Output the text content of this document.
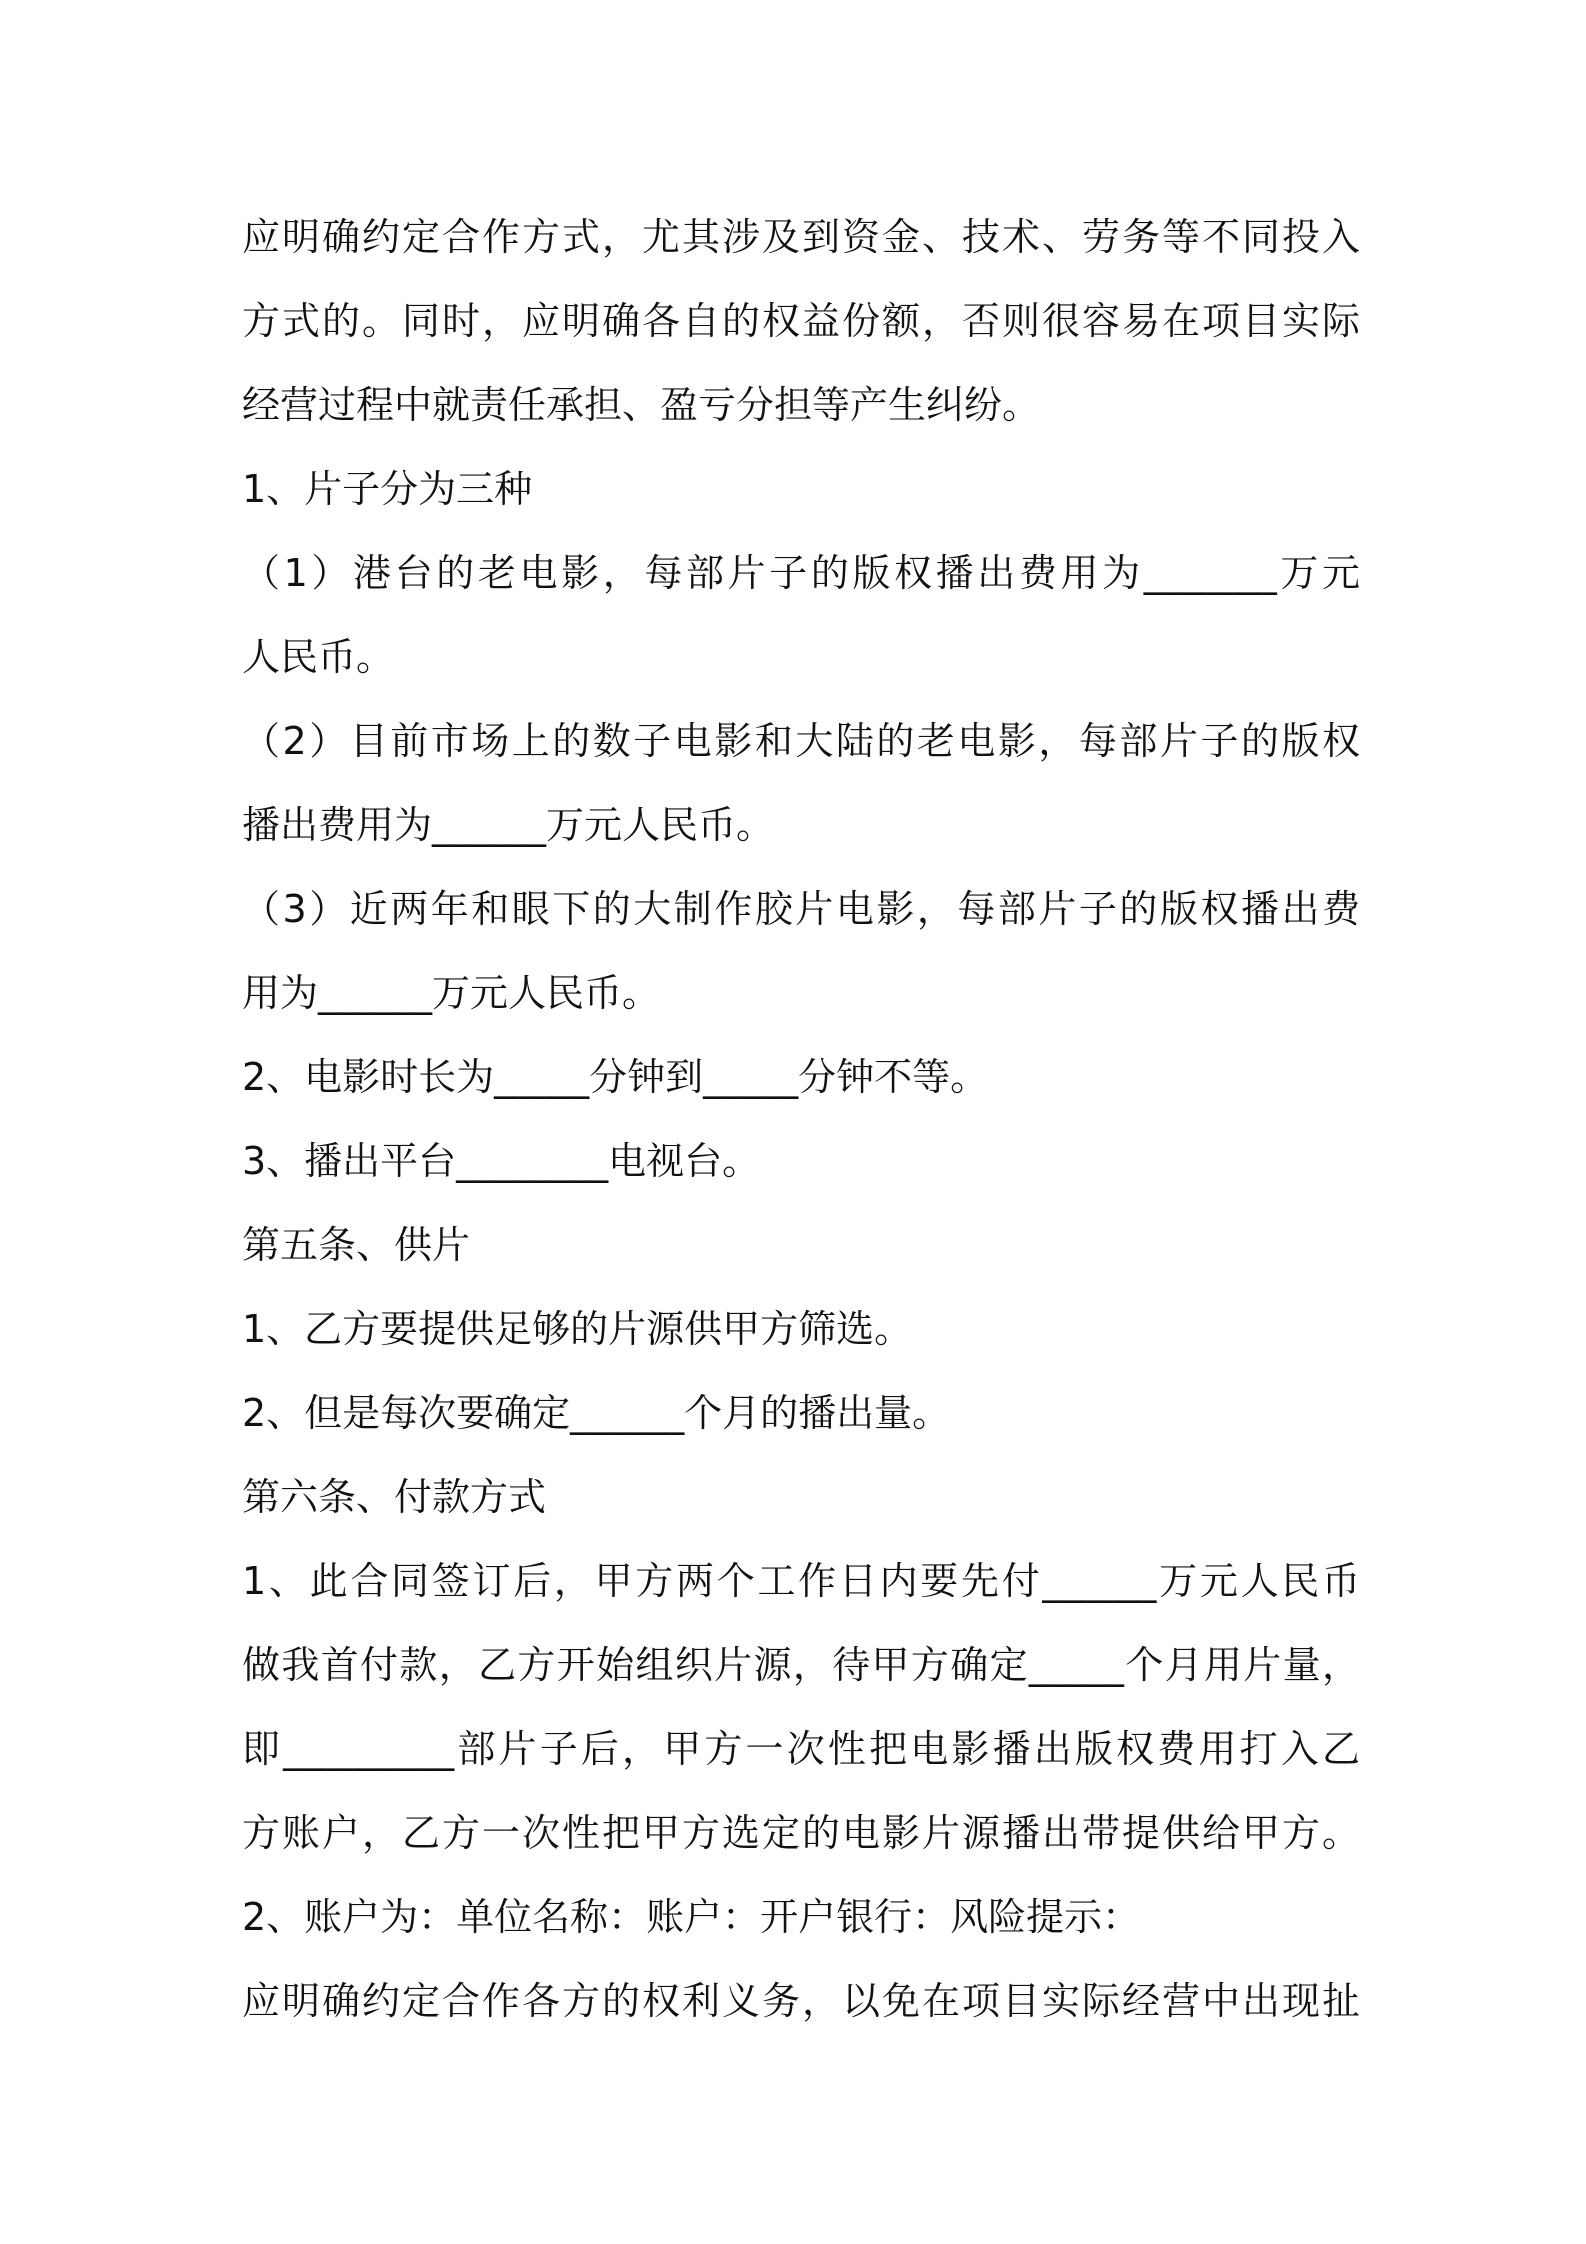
应明确约定合作方式，尤其涉及到资金、技术、劳务等不同投入
方式的。同时，应明确各自的权益份额，否则很容易在项目实际
经营过程中就责任承担、盈亏分担等产生纠纷。
1、片子分为三种
（1）港台的老电影，每部片子的版权播出费用为_______万元
人民币。
（2）目前市场上的数子电影和大陆的老电影，每部片子的版权
播出费用为______万元人民币。
（3）近两年和眼下的大制作胶片电影，每部片子的版权播出费
用为______万元人民币。
2、电影时长为_____分钟到_____分钟不等。
3、播出平台________电视台。
第五条、供片
1、乙方要提供足够的片源供甲方筛选。
2、但是每次要确定______个月的播出量。
第六条、付款方式
1、此合同签订后，甲方两个工作日内要先付______万元人民币
做我首付款，乙方开始组织片源，待甲方确定_____个月用片量，
即_________部片子后，甲方一次性把电影播出版权费用打入乙
方账户，乙方一次性把甲方选定的电影片源播出带提供给甲方。
2、账户为：单位名称：账户：开户银行：风险提示：
应明确约定合作各方的权利义务，以免在项目实际经营中出现扯
